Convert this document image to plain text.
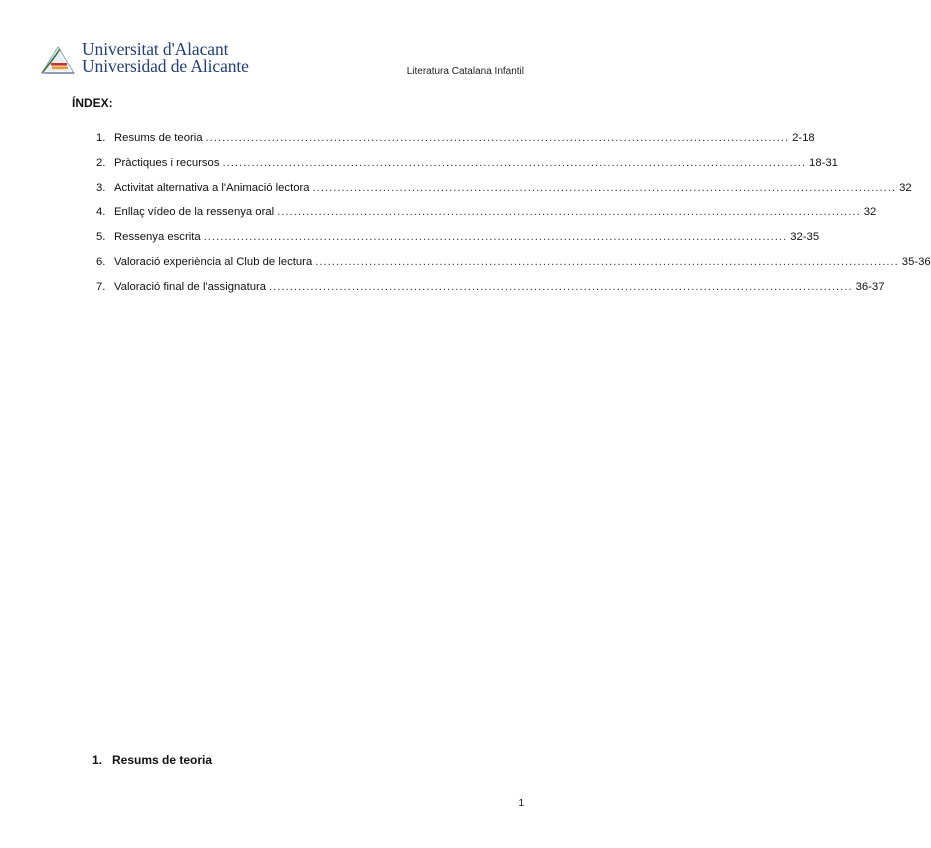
Universitat d'Alacant
Universidad de Alicante	Literatura Catalana Infantil
ÍNDEX:
1. Resums de teoria ............................................................................................................................................. 2-18
2. Pràctiques i recursos ............................................................................................................................................. 18-31
3. Activitat alternativa a l'Animació lectora ............................................................................................................................................. 32
4. Enllaç vídeo de la ressenya oral ............................................................................................................................................. 32
5. Ressenya escrita ............................................................................................................................................. 32-35
6. Valoració experiència al Club de lectura ............................................................................................................................................. 35-36
7. Valoració final de l'assignatura ............................................................................................................................................. 36-37
1. Resums de teoria
1
